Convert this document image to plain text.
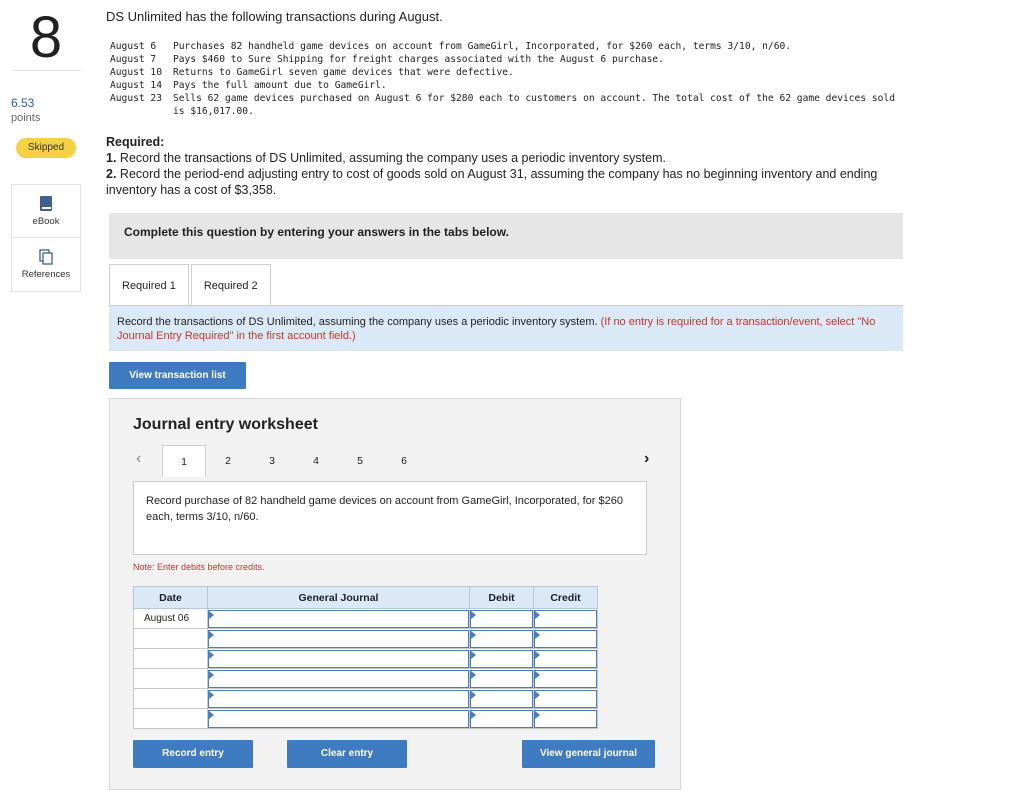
8
6.53
points
Skipped
eBook
References
DS Unlimited has the following transactions during August.
August 6	Purchases 82 handheld game devices on account from GameGirl, Incorporated, for $260 each, terms 3/10, n/60.
August 7	Pays $460 to Sure Shipping for freight charges associated with the August 6 purchase.
August 10	Returns to GameGirl seven game devices that were defective.
August 14	Pays the full amount due to GameGirl.
August 23	Sells 62 game devices purchased on August 6 for $280 each to customers on account. The total cost of the 62 game devices sold is $16,017.00.
Required:
1. Record the transactions of DS Unlimited, assuming the company uses a periodic inventory system.
2. Record the period-end adjusting entry to cost of goods sold on August 31, assuming the company has no beginning inventory and ending inventory has a cost of $3,358.
Complete this question by entering your answers in the tabs below.
Required 1	Required 2
Record the transactions of DS Unlimited, assuming the company uses a periodic inventory system. (If no entry is required for a transaction/event, select "No Journal Entry Required" in the first account field.)
View transaction list
Journal entry worksheet
‹	1	2	3	4	5	6	›
Record purchase of 82 handheld game devices on account from GameGirl, Incorporated, for $260 each, terms 3/10, n/60.
Note: Enter debits before credits.
Date	General Journal	Debit	Credit
August 06	

Record entry	Clear entry	View general journal
